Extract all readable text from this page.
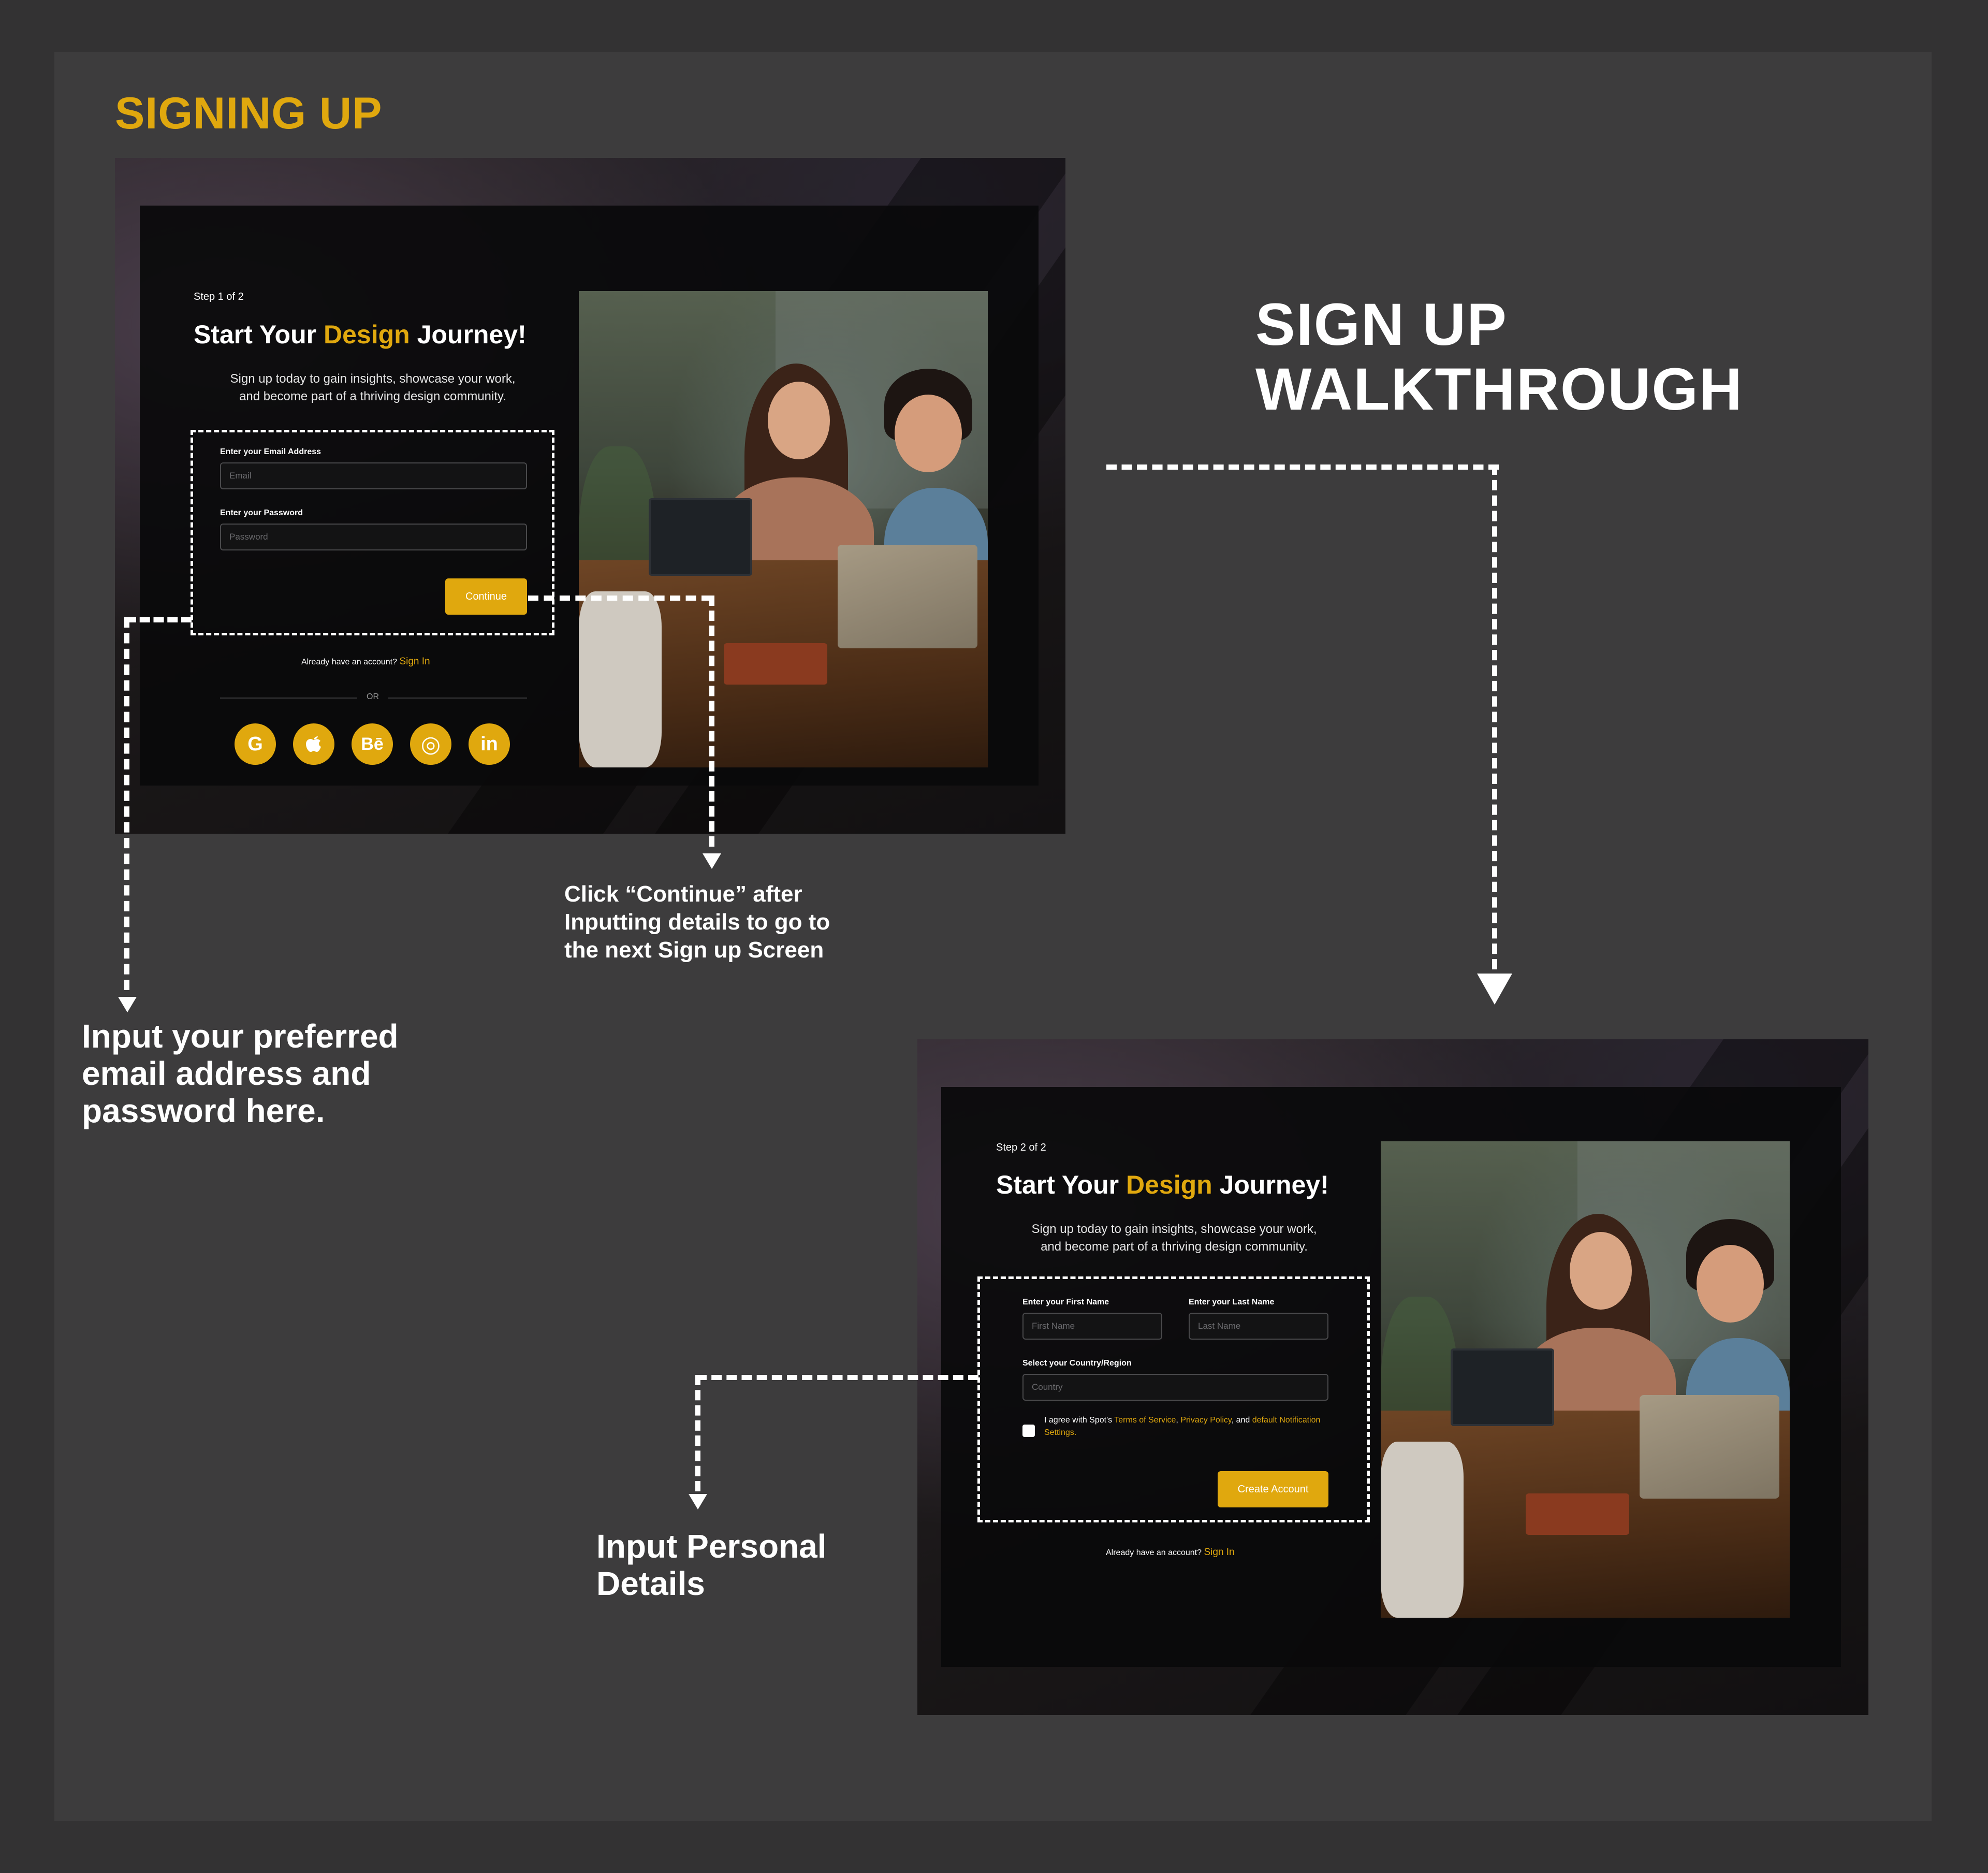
SIGNING UP
SIGN UP
WALKTHROUGH
Step 1 of 2
Start Your Design Journey!
Sign up today to gain insights, showcase your work,
and become part of a thriving design community.
Enter your Email Address
Email
Enter your Password
Password
Continue
Already have an account? Sign In
OR
G	Bē	◎	in
Input your preferred
email address and
password here.
Click “Continue” after
Inputting details to go to
the next Sign up Screen
Step 2 of 2
Start Your Design Journey!
Sign up today to gain insights, showcase your work,
and become part of a thriving design community.
Enter your First Name
First Name
Enter your Last Name
Last Name
Select your Country/Region
Country
I agree with Spot's Terms of Service, Privacy Policy, and default Notification Settings.
Create Account
Already have an account? Sign In
Input Personal
Details
